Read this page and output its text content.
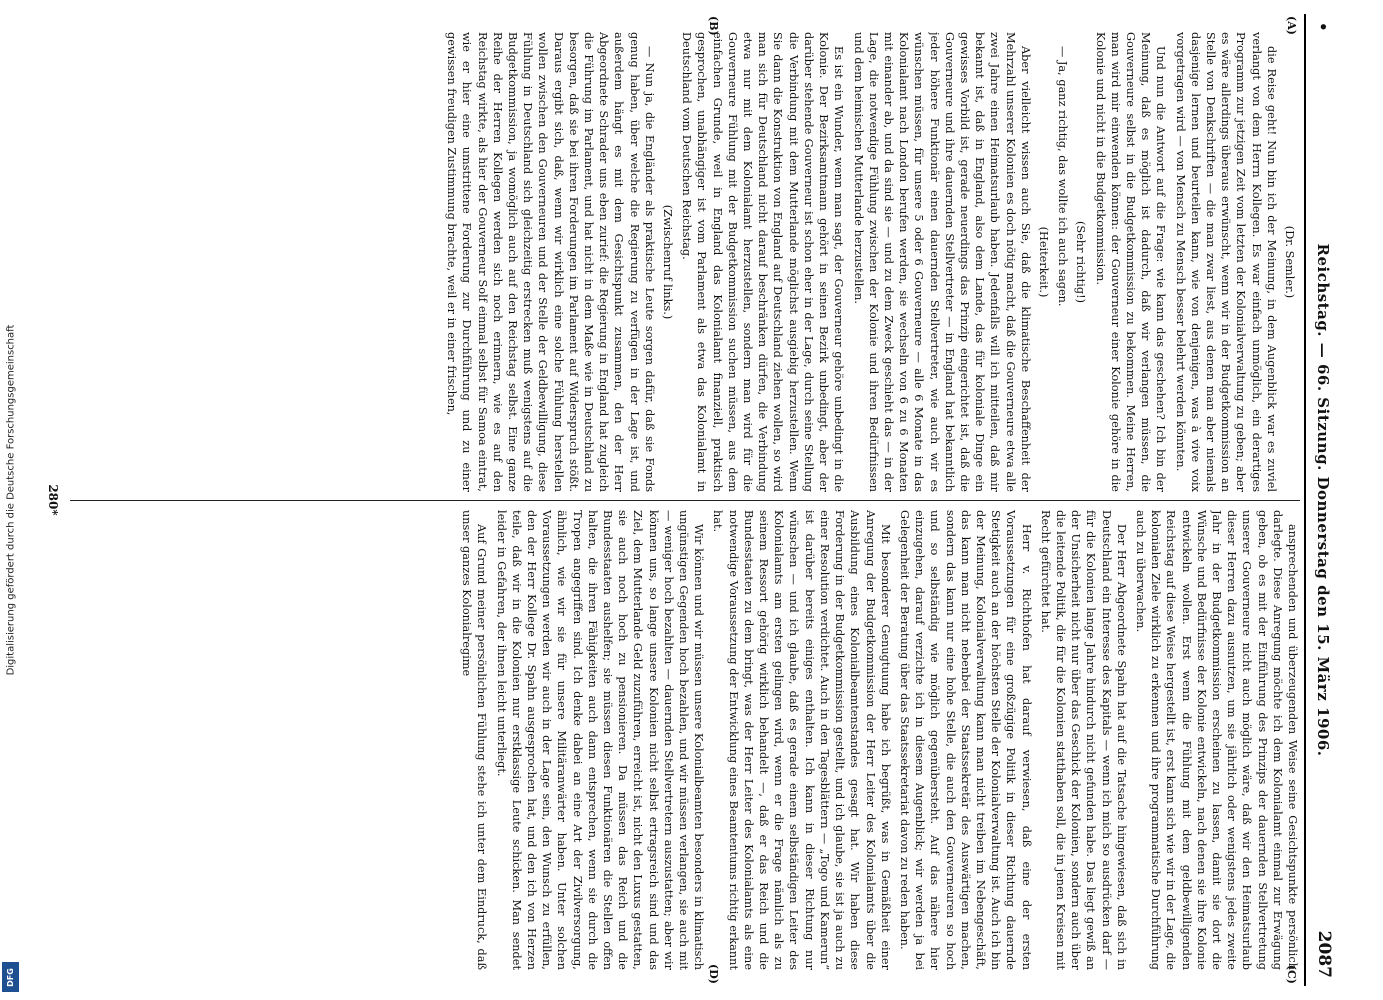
Digitalisierung gefördert durch die Deutsche Forschungsgemeinschaft
DFG
•
Reichstag. — 66. Sitzung. Donnerstag den 15. März 1906.
2087
(A)
(B)
(C)
(D)

(Dr. Semler.)

die Reise geht! Nun bin ich der Meinung, in dem Augenblick war es zuviel verlangt von dem Herrn Kollegen. Es war einfach unmöglich, ein derartiges Programm zur jetzigen Zeit vom letzten der Kolonialverwaltung zu geben; aber es wäre allerdings überaus erwünscht, wenn wir in der Budgetkommission an Stelle von Denkschriften — die man zwar liest, aus denen man aber niemals dasjenige lernen und beurteilen kann, wie von denjenigen, was à vive voix vorgetragen wird — von Mensch zu Mensch besser belehrt werden könnten.

Und nun die Antwort auf die Frage: wie kann das geschehen? Ich bin der Meinung, daß es möglich ist dadurch, daß wir verlangen müssen, die Gouverneure selbst in die Budgetkommission zu bekommen. Meine Herren, man wird mir einwenden können: der Gouverneur einer Kolonie gehöre in die Kolonie und nicht in die Budgetkommission.

(Sehr richtig!)

— Ja, ganz richtig, das wollte ich auch sagen.

(Heiterkeit.)

Aber vielleicht wissen auch Sie, daß die klimatische Beschaffenheit der Mehrzahl unserer Kolonien es doch nötig macht, daß die Gouverneure etwa alle zwei Jahre einen Heimatsurlaub haben. Jedenfalls will ich mitteilen, daß mir bekannt ist, daß in England, also dem Lande, das für koloniale Dinge ein gewisses Vorbild ist, gerade neuerdings das Prinzip eingerichtet ist, daß die Gouverneure und ihre dauernden Stellvertreter — in England hat bekanntlich jeder höhere Funktionär einen dauernden Stellvertreter, wie auch wir es wünschen müssen, für unsere 5 oder 6 Gouverneure — alle 6 Monate in das Kolonialamt nach London berufen werden, sie wechseln von 6 zu 6 Monaten mit einander ab, und da sind sie — und zu dem Zweck geschieht das — in der Lage, die notwendige Fühlung zwischen der Kolonie und ihren Bedürfnissen und dem heimischen Mutterlande herzustellen.

Es ist ein Wunder, wenn man sagt, der Gouverneur gehöre unbedingt in die Kolonie. Der Bezirksamtmann gehört in seinen Bezirk unbedingt, aber der darüber stehende Gouverneur ist schon eher in der Lage, durch seine Stellung die Verbindung mit dem Mutterlande möglichst ausgiebig herzustellen. Wenn Sie dann die Konstruktion von England auf Deutschland ziehen wollen, so wird man sich für Deutschland nicht darauf beschränken dürfen, die Verbindung etwa nur mit dem Kolonialamt herzustellen, sondern man wird für die Gouverneure Fühlung mit der Budgetkommission suchen müssen, aus dem einfachen Grunde, weil in England das Kolonialamt finanziell, praktisch gesprochen, unabhängiger ist vom Parlament als etwa das Kolonialamt in Deutschland vom Deutschen Reichstag.

(Zwischenruf links.)

— Nun ja, die Engländer als praktische Leute sorgen dafür, daß sie Fonds genug haben, über welche die Regierung zu verfügen in der Lage ist, und außerdem hängt es mit dem Gesichtspunkt zusammen, den der Herr Abgeordnete Schrader uns eben zurief: die Regierung in England hat zugleich die Führung im Parlament, und hat nicht in dem Maße wie in Deutschland zu besorgen, daß sie bei ihren Forderungen im Parlament auf Widerspruch stößt. Daraus ergibt sich, daß, wenn wir wirklich eine solche Fühlung herstellen wollen zwischen den Gouverneuren und der Stelle der Geldbewilligung, diese Fühlung in Deutschland sich gleichzeitig erstrecken muß wenigstens auf die Budgetkommission, ja womöglich auch auf den Reichstag selbst. Eine ganze Reihe der Herren Kollegen werden sich noch erinnern, wie es auf den Reichstag wirkte, als hier der Gouverneur Solf einmal selbst für Samoa eintrat, wie er hier eine umstrittene Forderung zur Durchführung und zu einer gewissen freudigen Zustimmung brachte, weil er in einer frischen,

ansprechenden und überzeugenden Weise seine Gesichtspunkte persönlich darlegte. Diese Anregung möchte ich dem Kolonialamt einmal zur Erwägung geben, ob es mit der Einführung des Prinzips der dauernden Stellvertretung unserer Gouverneure nicht auch möglich wäre, daß wir den Heimatsurlaub dieser Herren dazu ausnutzen, um sie jährlich oder wenigstens jedes zweite Jahr in der Budgetkommission erscheinen zu lassen, damit sie dort die Wünsche und Bedürfnisse der Kolonie entwickeln, nach denen sie ihre Kolonie entwickeln wollen. Erst wenn die Fühlung mit dem geldbewilligenden Reichstag auf diese Weise hergestellt ist, erst kann sich wie wir in der Lage, die kolonialen Ziele wirklich zu erkennen und ihre programmatische Durchführung auch zu überwachen.

Der Herr Abgeordnete Spahn hat auf die Tatsache hingewiesen, daß sich in Deutschland ein Interesse des Kapitals — wenn ich mich so ausdrücken darf — für die Kolonien lange Jahre hindurch nicht gefunden habe. Das liegt gewiß an der Unsicherheit nicht nur über das Geschick der Kolonien, sondern auch über die leitende Politik, die für die Kolonien statthaben soll, die in jenen Kreisen mit Recht gefürchtet hat.

Herr v. Richthofen hat darauf verwiesen, daß eine der ersten Voraussetzungen für eine großzügige Politik in dieser Richtung dauernde Stetigkeit auch an der höchsten Stelle der Kolonialverwaltung ist. Auch ich bin der Meinung, Kolonialverwaltung kann man nicht treiben im Nebengeschäft, das kann man nicht nebenbei der Staatssekretär des Auswärtigen machen, sondern das kann nur eine hohe Stelle, die auch den Gouverneuren so hoch und so selbständig wie möglich gegenübersteht. Auf das nähere hier einzugehen, darauf verzichte ich in diesem Augenblick; wir werden ja bei Gelegenheit der Beratung über das Staatssekretariat davon zu reden haben.

Mit besonderer Genugtuung habe ich begrüßt, was in Gemäßheit einer Anregung der Budgetkommission der Herr Leiter des Kolonialamts über die Ausbildung eines Kolonialbeamtenstandes gesagt hat. Wir haben diese Forderung in der Budgetkommission gestellt, und ich glaube, sie ist ja auch zu einer Resolution verdichtet. Auch in den Tagesblättern — „Togo und Kamerun“ ist darüber bereits einiges enthalten. Ich kann in dieser Richtung nur wünschen — und ich glaube, daß es gerade einem selbständigen Leiter des Kolonialamts am ersten gelingen wird, wenn er die Frage nämlich als zu seinem Ressort gehörig wirklich behandelt —, daß er das Reich und die Bundesstaaten zu dem bringt, was der Herr Leiter des Kolonialamts als eine notwendige Voraussetzung der Entwicklung eines Beamtentums richtig erkannt hat.

Wir können und wir müssen unsere Kolonialbeamten besonders in klimatisch ungünstigen Gegenden hoch bezahlen, und wir müssen verlangen, sie auch mit — weniger hoch bezahlten — dauernden Stellvertretern auszustatten; aber wir können uns, so lange unsere Kolonien nicht selbst ertragsreich sind und das Ziel, dem Mutterlande Geld zuzuführen, erreicht ist, nicht den Luxus gestatten, sie auch noch hoch zu pensionieren. Da müssen das Reich und die Bundesstaaten aushelfen; sie müssen diesen Funktionären die Stellen offen halten, die ihren Fähigkeiten auch dann entsprechen, wenn sie durch die Tropen angegriffen sind. Ich denke dabei an eine Art der Zivilversorgung, ähnlich, wie wir sie für unsere Militäranwärter haben. Unter solchen Voraussetzungen werden wir auch in der Lage sein, den Wunsch zu erfüllen, den der Herr Kollege Dr. Spahn ausgesprochen hat, und den ich von Herzen teile, daß wir in die Kolonien nur erstklassige Leute schicken. Man sendet leider in Gefahren, der ihnen leicht unterliegt.

Auf Grund meiner persönlichen Fühlung stehe ich unter dem Eindruck, daß unser ganzes Kolonialregime

280*
